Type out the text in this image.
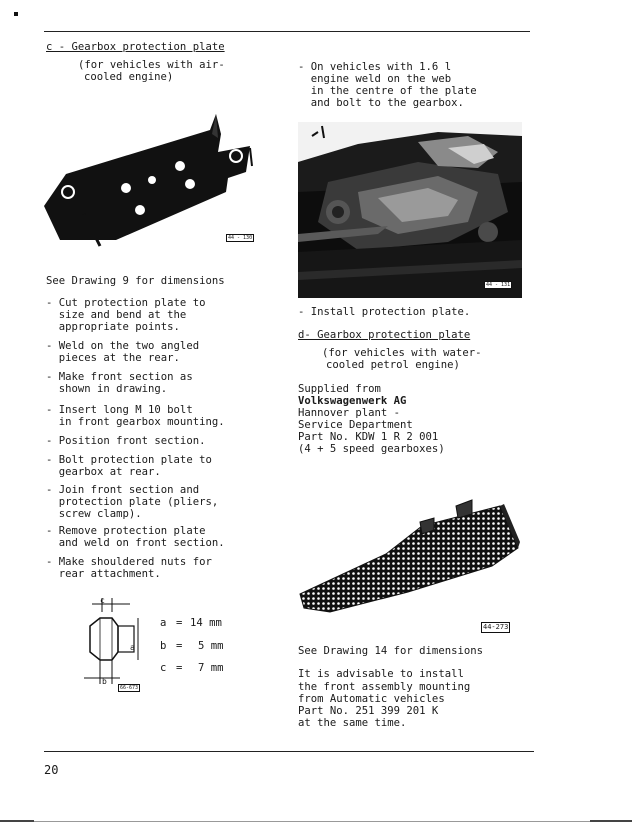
c - Gearbox protection plate
(for vehicles with air-
cooled engine)
44 - 130
See Drawing 9 for dimensions
- Cut protection plate to
size and bend at the
appropriate points.
- Weld on the two angled
pieces at the rear.
- Make front section as
shown in drawing.
- Insert long M 10 bolt
in front gearbox mounting.
- Position front section.
- Bolt protection plate to
gearbox at rear.
- Join front section and
protection plate (pliers,
screw clamp).
- Remove protection plate
and weld on front section.
- Make shouldered nuts for
rear attachment.
c
a
b
66-673
a = 14 mm
b = 5 mm
c = 7 mm
- On vehicles with 1.6 l
engine weld on the web
in the centre of the plate
and bolt to the gearbox.
44 - 131
- Install protection plate.
d- Gearbox protection plate
(for vehicles with water-
cooled petrol engine)
Supplied from
Volkswagenwerk AG
Hannover plant -
Service Department
Part No. KDW 1 R 2 001
(4 + 5 speed gearboxes)
44-273
See Drawing 14 for dimensions
It is advisable to install
the front assembly mounting
from Automatic vehicles
Part No. 251 399 201 K
at the same time.
20
